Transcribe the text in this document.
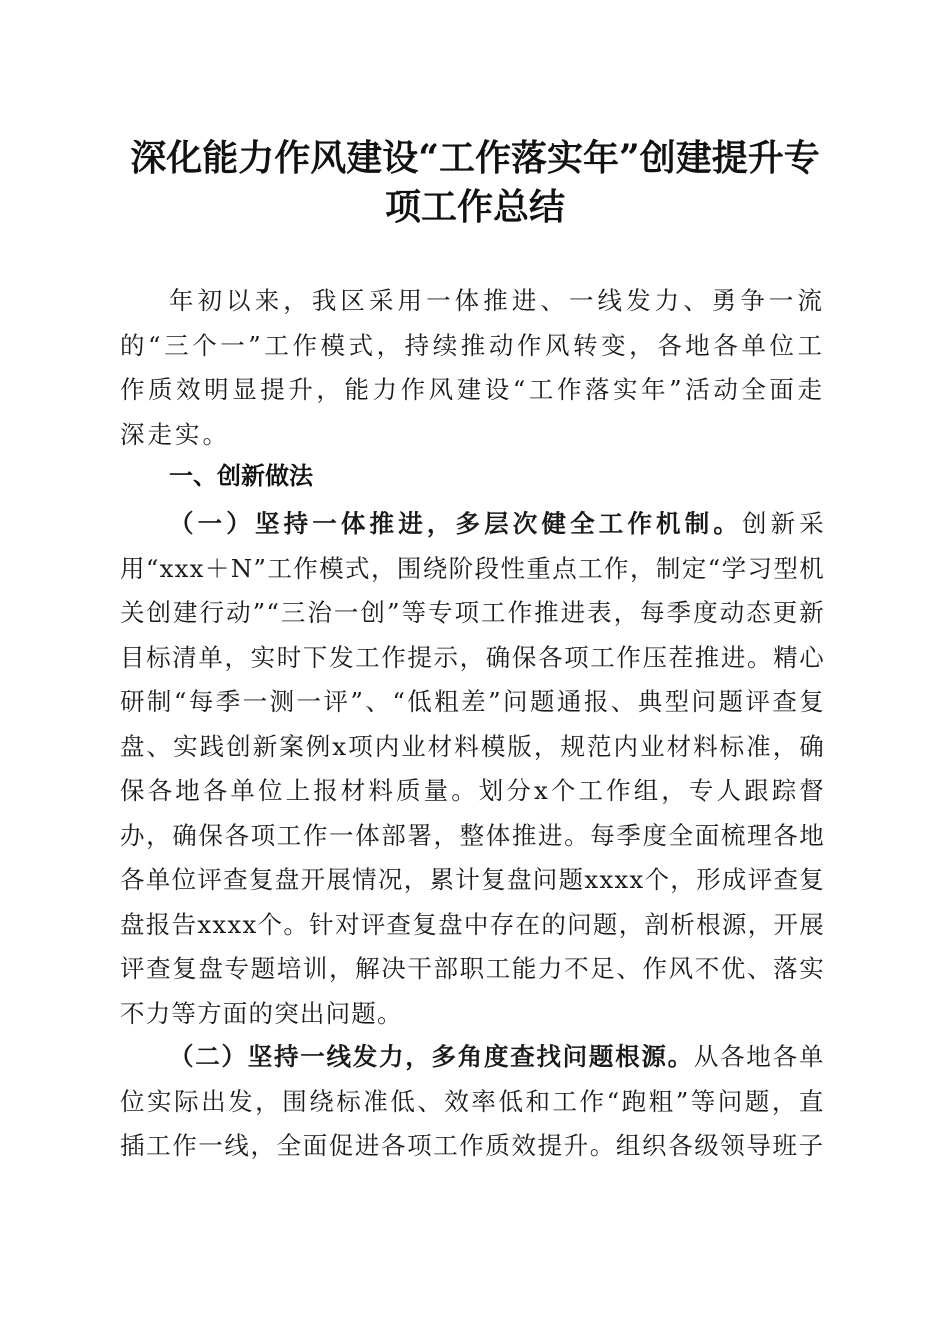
深化能力作风建设“工作落实年”创建提升专
项工作总结

年初以来，我区采用一体推进、一线发力、勇争一流的“三个一”工作模式，持续推动作风转变，各地各单位工作质效明显提升，能力作风建设“工作落实年”活动全面走深走实。

一、创新做法

（一）坚持一体推进，多层次健全工作机制。创新采用“xxx＋N”工作模式，围绕阶段性重点工作，制定“学习型机关创建行动”“三治一创”等专项工作推进表，每季度动态更新目标清单，实时下发工作提示，确保各项工作压茬推进。精心研制“每季一测一评”、“低粗差”问题通报、典型问题评查复盘、实践创新案例x项内业材料模版，规范内业材料标准，确保各地各单位上报材料质量。划分x个工作组，专人跟踪督办，确保各项工作一体部署，整体推进。每季度全面梳理各地各单位评查复盘开展情况，累计复盘问题xxxx个，形成评查复盘报告xxxx个。针对评查复盘中存在的问题，剖析根源，开展评查复盘专题培训，解决干部职工能力不足、作风不优、落实不力等方面的突出问题。

（二）坚持一线发力，多角度查找问题根源。从各地各单位实际出发，围绕标准低、效率低和工作“跑粗”等问题，直插工作一线，全面促进各项工作质效提升。组织各级领导班子
